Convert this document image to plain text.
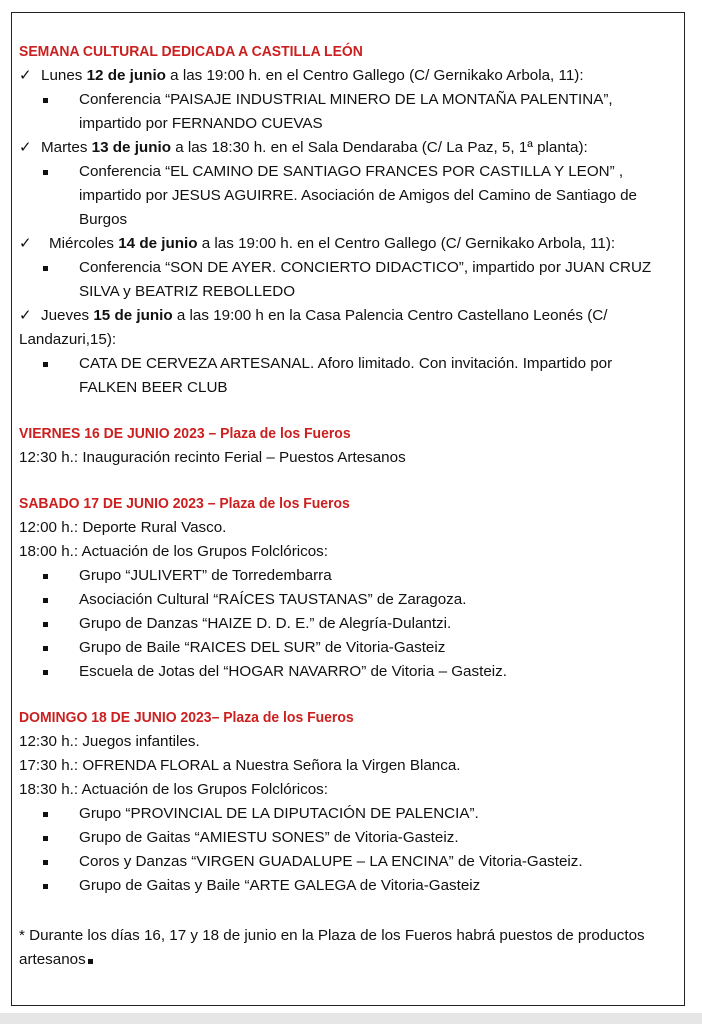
SEMANA CULTURAL DEDICADA A CASTILLA LEÓN
✓ Lunes 12 de junio a las 19:00 h. en el Centro Gallego (C/ Gernikako Arbola, 11):
Conferencia “PAISAJE INDUSTRIAL MINERO DE LA MONTAÑA PALENTINA”, impartido por FERNANDO CUEVAS
✓ Martes 13 de junio a las 18:30 h. en el Sala Dendaraba (C/ La Paz, 5, 1ª planta):
Conferencia “EL CAMINO DE SANTIAGO FRANCES POR CASTILLA Y LEON” , impartido por JESUS AGUIRRE. Asociación de Amigos del Camino de Santiago de Burgos
✓	Miércoles 14 de junio a las 19:00 h. en el Centro Gallego (C/ Gernikako Arbola, 11):
Conferencia “SON DE AYER. CONCIERTO DIDACTICO”, impartido por JUAN CRUZ SILVA y BEATRIZ REBOLLEDO
✓ Jueves 15 de junio a las 19:00 h en la Casa Palencia Centro Castellano Leonés (C/ Landazuri,15):
CATA DE CERVEZA ARTESANAL. Aforo limitado. Con invitación. Impartido por FALKEN BEER CLUB
VIERNES 16 DE JUNIO 2023 – Plaza de los Fueros
12:30 h.: Inauguración recinto Ferial – Puestos Artesanos
SABADO 17 DE JUNIO 2023 – Plaza de los Fueros
12:00 h.: Deporte Rural Vasco.
18:00 h.: Actuación de los Grupos Folclóricos:
Grupo “JULIVERT” de Torredembarra
Asociación Cultural “RAÍCES TAUSTANAS” de Zaragoza.
Grupo de Danzas “HAIZE D. D. E.” de Alegría-Dulantzi.
Grupo de Baile “RAICES DEL SUR” de Vitoria-Gasteiz
Escuela de Jotas del “HOGAR NAVARRO” de Vitoria – Gasteiz.
DOMINGO 18 DE JUNIO 2023– Plaza de los Fueros
12:30 h.: Juegos infantiles.
17:30 h.: OFRENDA FLORAL a Nuestra Señora la Virgen Blanca.
18:30 h.: Actuación de los Grupos Folclóricos:
Grupo “PROVINCIAL DE LA DIPUTACIÓN DE PALENCIA”.
Grupo de Gaitas “AMIESTU SONES” de Vitoria-Gasteiz.
Coros y Danzas “VIRGEN GUADALUPE – LA ENCINA” de Vitoria-Gasteiz.
Grupo de Gaitas y Baile “ARTE GALEGA de Vitoria-Gasteiz
* Durante los días 16, 17 y 18 de junio en la Plaza de los Fueros habrá puestos de productos artesanos
